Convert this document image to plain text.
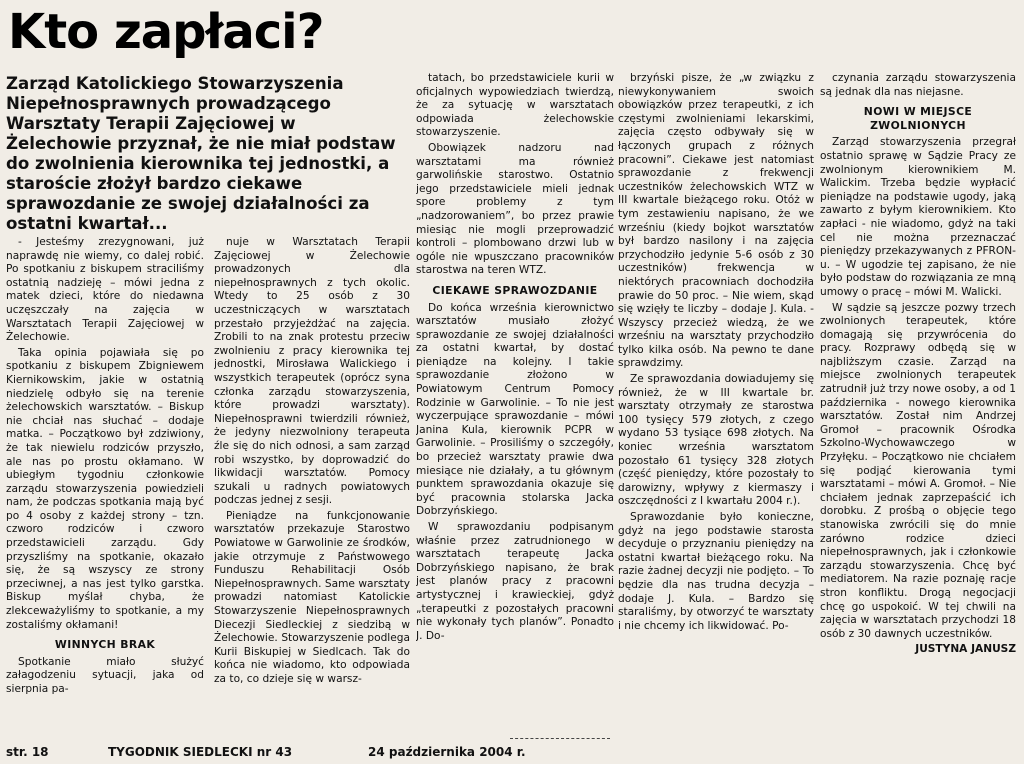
Kto zapłaci?
Zarząd Katolickiego Stowarzyszenia Niepełnosprawnych prowadzącego Warsztaty Terapii Zajęciowej w Żelechowie przyznał, że nie miał podstaw do zwolnienia kierownika tej jednostki, a staroście złożył bardzo ciekawe sprawozdanie ze swojej działalności za ostatni kwartał...

- Jesteśmy zrezygnowani, już naprawdę nie wiemy, co dalej robić. Po spotkaniu z biskupem straciliśmy ostatnią nadzieję – mówi jedna z matek dzieci, które do niedawna uczęszczały na zajęcia w Warsztatach Terapii Zajęciowej w Żelechowie.

Taka opinia pojawiała się po spotkaniu z biskupem Zbigniewem Kiernikowskim, jakie w ostatnią niedzielę odbyło się na terenie żelechowskich warsztatów. – Biskup nie chciał nas słuchać – dodaje matka. – Początkowo był zdziwiony, że tak niewielu rodziców przyszło, ale nas po prostu okłamano. W ubiegłym tygodniu członkowie zarządu stowarzyszenia powiedzieli nam, że podczas spotkania mają być po 4 osoby z każdej strony – tzn. czworo rodziców i czworo przedstawicieli zarządu. Gdy przyszliśmy na spotkanie, okazało się, że są wszyscy ze strony przeciwnej, a nas jest tylko garstka. Biskup myślał chyba, że zlekceważyliśmy to spotkanie, a my zostaliśmy okłamani!

WINNYCH BRAK

Spotkanie miało służyć załagodzeniu sytuacji, jaka od sierpnia pa-

nuje w Warsztatach Terapii Zajęciowej w Żelechowie prowadzonych dla niepełnosprawnych z tych okolic. Wtedy to 25 osób z 30 uczestniczących w warsztatach przestało przyjeżdżać na zajęcia. Zrobili to na znak protestu przeciw zwolnieniu z pracy kierownika tej jednostki, Mirosława Walickiego i wszystkich terapeutek (oprócz syna członka zarządu stowarzyszenia, które prowadzi warsztaty). Niepełnosprawni twierdzili również, że jedyny niezwolniony terapeuta źle się do nich odnosi, a sam zarząd robi wszystko, by doprowadzić do likwidacji warsztatów. Pomocy szukali u radnych powiatowych podczas jednej z sesji.

Pieniądze na funkcjonowanie warsztatów przekazuje Starostwo Powiatowe w Garwolinie ze środków, jakie otrzymuje z Państwowego Funduszu Rehabilitacji Osób Niepełnosprawnych. Same warsztaty prowadzi natomiast Katolickie Stowarzyszenie Niepełnosprawnych Diecezji Siedleckiej z siedzibą w Żelechowie. Stowarzyszenie podlega Kurii Biskupiej w Siedlcach. Tak do końca nie wiadomo, kto odpowiada za to, co dzieje się w warsz-

tatach, bo przedstawiciele kurii w oficjalnych wypowiedziach twierdzą, że za sytuację w warsztatach odpowiada żelechowskie stowarzyszenie.

Obowiązek nadzoru nad warsztatami ma również garwolińskie starostwo. Ostatnio jego przedstawiciele mieli jednak spore problemy z tym „nadzorowaniem”, bo przez prawie miesiąc nie mogli przeprowadzić kontroli – plombowano drzwi lub w ogóle nie wpuszczano pracowników starostwa na teren WTZ.

CIEKAWE SPRAWOZDANIE

Do końca września kierownictwo warsztatów musiało złożyć sprawozdanie ze swojej działalności za ostatni kwartał, by dostać pieniądze na kolejny. I takie sprawozdanie złożono w Powiatowym Centrum Pomocy Rodzinie w Garwolinie. – To nie jest wyczerpujące sprawozdanie – mówi Janina Kula, kierownik PCPR w Garwolinie. – Prosiliśmy o szczegóły, bo przecież warsztaty prawie dwa miesiące nie działały, a tu głównym punktem sprawozdania okazuje się być pracownia stolarska Jacka Dobrzyńskiego.

W sprawozdaniu podpisanym właśnie przez zatrudnionego w warsztatach terapeutę Jacka Dobrzyńskiego napisano, że brak jest planów pracy z pracowni artystycznej i krawieckiej, gdyż „terapeutki z pozostałych pracowni nie wykonały tych planów”. Ponadto J. Do-

brzyński pisze, że „w związku z niewykonywaniem swoich obowiązków przez terapeutki, z ich częstymi zwolnieniami lekarskimi, zajęcia często odbywały się w łączonych grupach z różnych pracowni”. Ciekawe jest natomiast sprawozdanie z frekwencji uczestników żelechowskich WTZ w III kwartale bieżącego roku. Otóż w tym zestawieniu napisano, że we wrześniu (kiedy bojkot warsztatów był bardzo nasilony i na zajęcia przychodziło jedynie 5-6 osób z 30 uczestników) frekwencja w niektórych pracowniach dochodziła prawie do 50 proc. – Nie wiem, skąd się wzięły te liczby – dodaje J. Kula. - Wszyscy przecież wiedzą, że we wrześniu na warsztaty przychodziło tylko kilka osób. Na pewno te dane sprawdzimy.

Ze sprawozdania dowiadujemy się również, że w III kwartale br. warsztaty otrzymały ze starostwa 100 tysięcy 579 złotych, z czego wydano 53 tysiące 698 złotych. Na koniec września warsztatom pozostało 61 tysięcy 328 złotych (część pieniędzy, które pozostały to darowizny, wpływy z kiermaszy i oszczędności z I kwartału 2004 r.).

Sprawozdanie było konieczne, gdyż na jego podstawie starosta decyduje o przyznaniu pieniędzy na ostatni kwartał bieżącego roku. Na razie żadnej decyzji nie podjęto. – To będzie dla nas trudna decyzja – dodaje J. Kula. – Bardzo się staraliśmy, by otworzyć te warsztaty i nie chcemy ich likwidować. Po-

czynania zarządu stowarzyszenia są jednak dla nas niejasne.

NOWI W MIEJSCE ZWOLNIONYCH

Zarząd stowarzyszenia przegrał ostatnio sprawę w Sądzie Pracy ze zwolnionym kierownikiem M. Walickim. Trzeba będzie wypłacić pieniądze na podstawie ugody, jaką zawarto z byłym kierownikiem. Kto zapłaci - nie wiadomo, gdyż na taki cel nie można przeznaczać pieniędzy przekazywanych z PFRON-u. – W ugodzie tej zapisano, że nie było podstaw do rozwiązania ze mną umowy o pracę – mówi M. Walicki.

W sądzie są jeszcze pozwy trzech zwolnionych terapeutek, które domagają się przywrócenia do pracy. Rozprawy odbędą się w najbliższym czasie. Zarząd na miejsce zwolnionych terapeutek zatrudnił już trzy nowe osoby, a od 1 października - nowego kierownika warsztatów. Został nim Andrzej Gromoł – pracownik Ośrodka Szkolno-Wychowawczego w Przyłęku. – Początkowo nie chciałem się podjąć kierowania tymi warsztatami – mówi A. Gromoł. – Nie chciałem jednak zaprzepaścić ich dorobku. Z prośbą o objęcie tego stanowiska zwrócili się do mnie zarówno rodzice dzieci niepełnosprawnych, jak i członkowie zarządu stowarzyszenia. Chcę być mediatorem. Na razie poznaję racje stron konfliktu. Drogą negocjacji chcę go uspokoić. W tej chwili na zajęcia w warsztatach przychodzi 18 osób z 30 dawnych uczestników.

JUSTYNA JANUSZ

str. 18	TYGODNIK SIEDLECKI nr 43	24 października 2004 r.
